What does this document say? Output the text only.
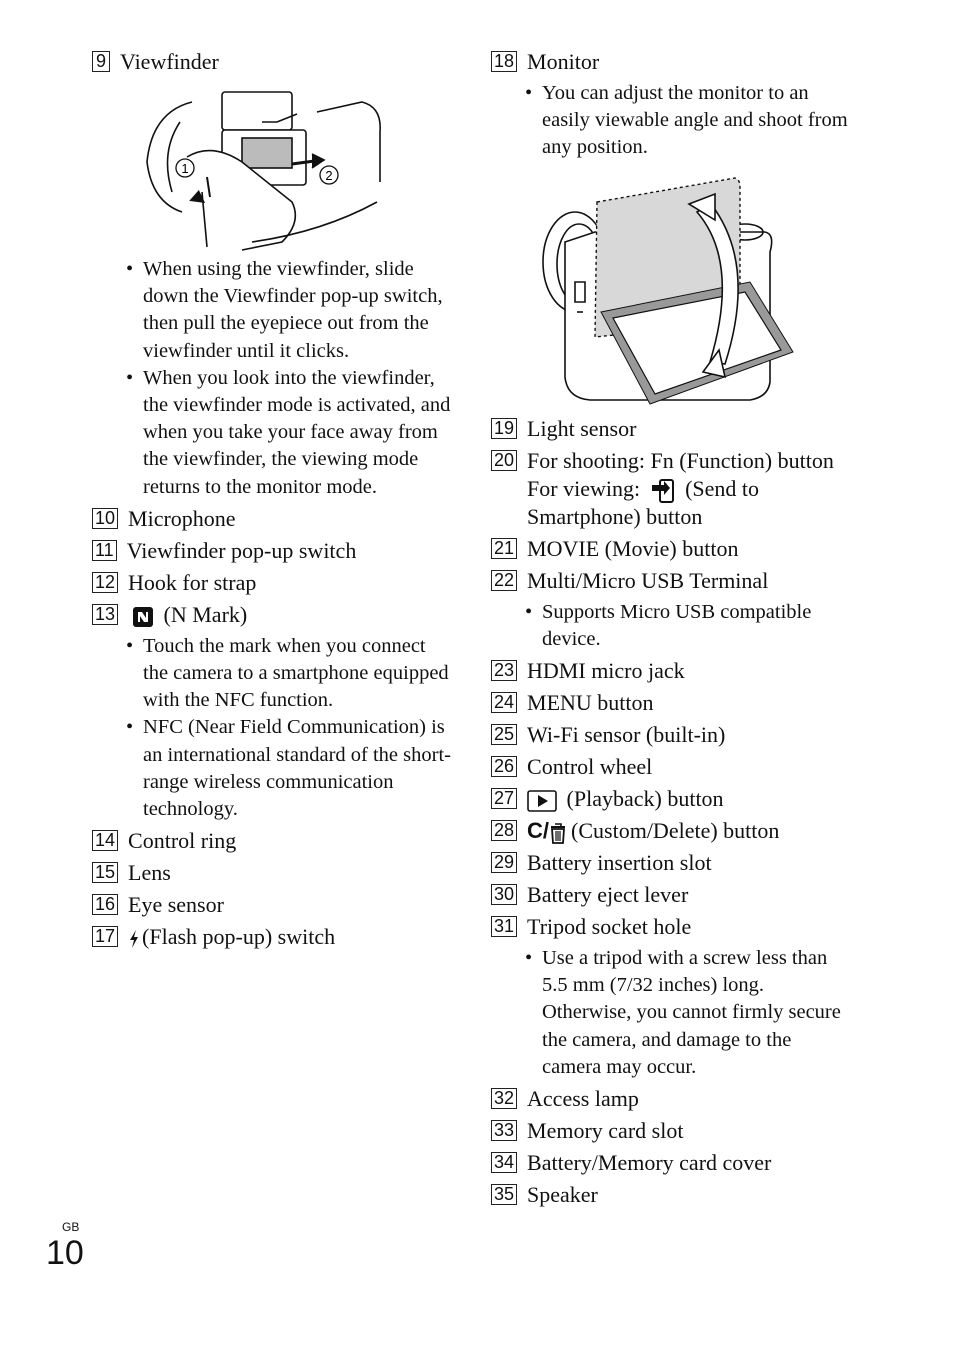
9 Viewfinder
1	2
• When using the viewfinder, slide down the Viewfinder pop-up switch, then pull the eyepiece out from the viewfinder until it clicks.
• When you look into the viewfinder, the viewfinder mode is activated, and when you take your face away from the viewfinder, the viewing mode returns to the monitor mode.
10 Microphone
11 Viewfinder pop-up switch
12 Hook for strap
13	(N Mark)
• Touch the mark when you connect the camera to a smartphone equipped with the NFC function.
• NFC (Near Field Communication) is an international standard of the short-range wireless communication technology.
14 Control ring
15 Lens
16 Eye sensor
17	(Flash pop-up) switch
18 Monitor
• You can adjust the monitor to an easily viewable angle and shoot from any position.
19 Light sensor
20 For shooting: Fn (Function) button
For viewing: (Send to Smartphone) button
21 MOVIE (Movie) button
22 Multi/Micro USB Terminal
• Supports Micro USB compatible device.
23 HDMI micro jack
24 MENU button
25 Wi-Fi sensor (built-in)
26 Control wheel
27	(Playback) button
28 C/ (Custom/Delete) button
29 Battery insertion slot
30 Battery eject lever
31 Tripod socket hole
• Use a tripod with a screw less than 5.5 mm (7/32 inches) long. Otherwise, you cannot firmly secure the camera, and damage to the camera may occur.
32 Access lamp
33 Memory card slot
34 Battery/Memory card cover
35 Speaker
GB
10
